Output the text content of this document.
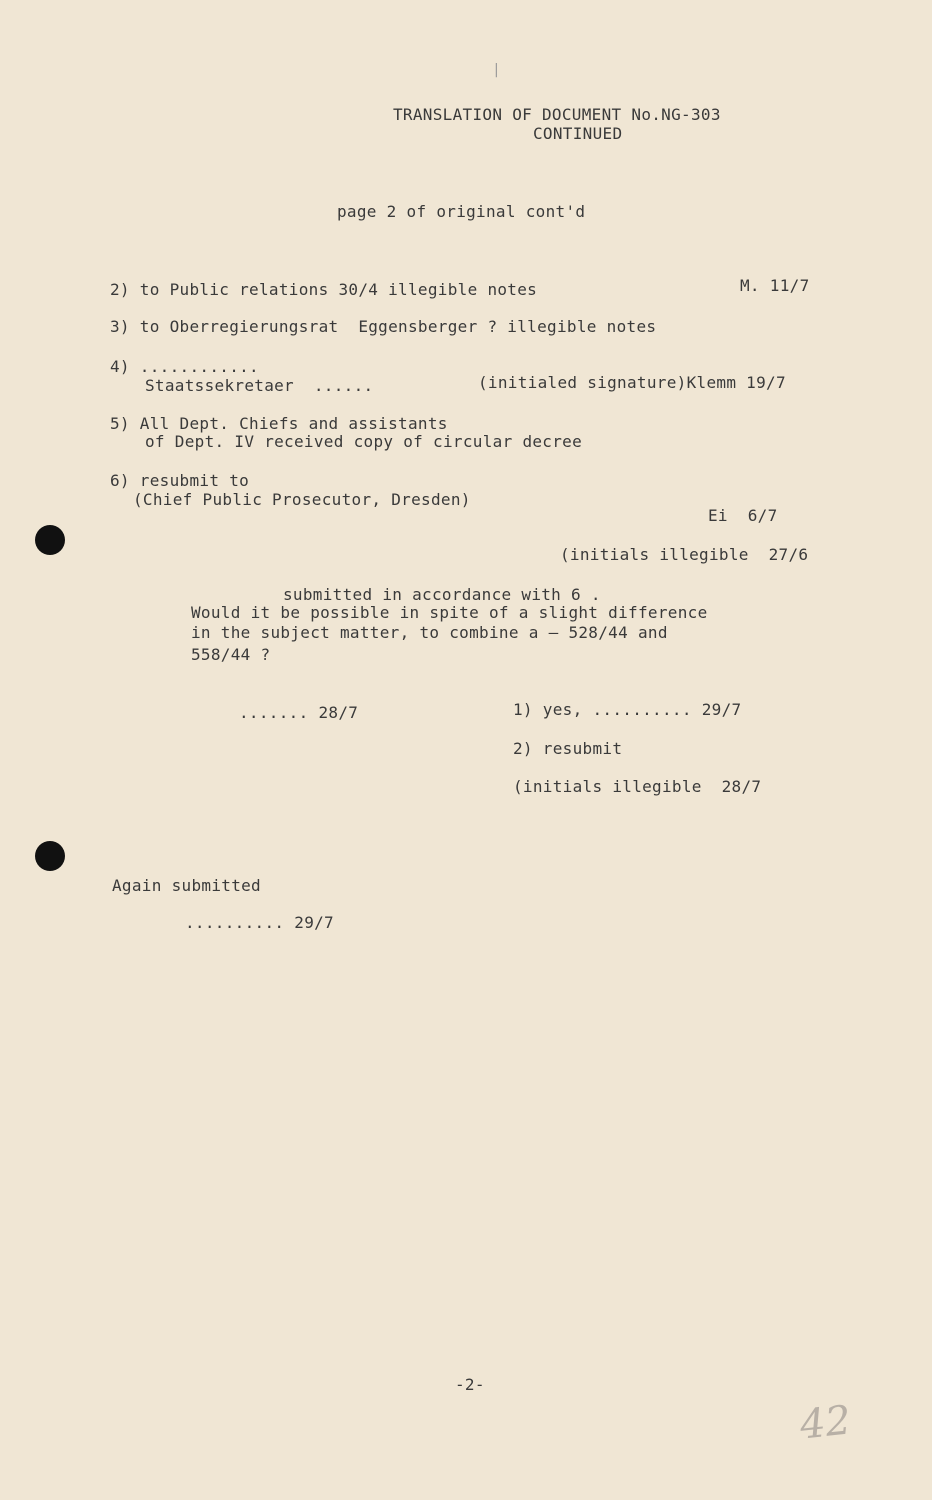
|
TRANSLATION OF DOCUMENT No.NG-303
CONTINUED
page 2 of original cont'd
2) to Public relations 30/4 illegible notes	M. 11/7
3) to Oberregierungsrat  Eggensberger ? illegible notes
4) ............
Staatssekretaer  ......	(initialed signature)Klemm 19/7
5) All Dept. Chiefs and assistants
of Dept. IV received copy of circular decree
6) resubmit to
(Chief Public Prosecutor, Dresden)
Ei  6/7
(initials illegible  27/6
submitted in accordance with 6 .
Would it be possible in spite of a slight difference
in the subject matter, to combine a – 528/44 and
558/44 ?
....... 28/7	1) yes, .......... 29/7
2) resubmit
(initials illegible  28/7
Again submitted
.......... 29/7
-2-
42
